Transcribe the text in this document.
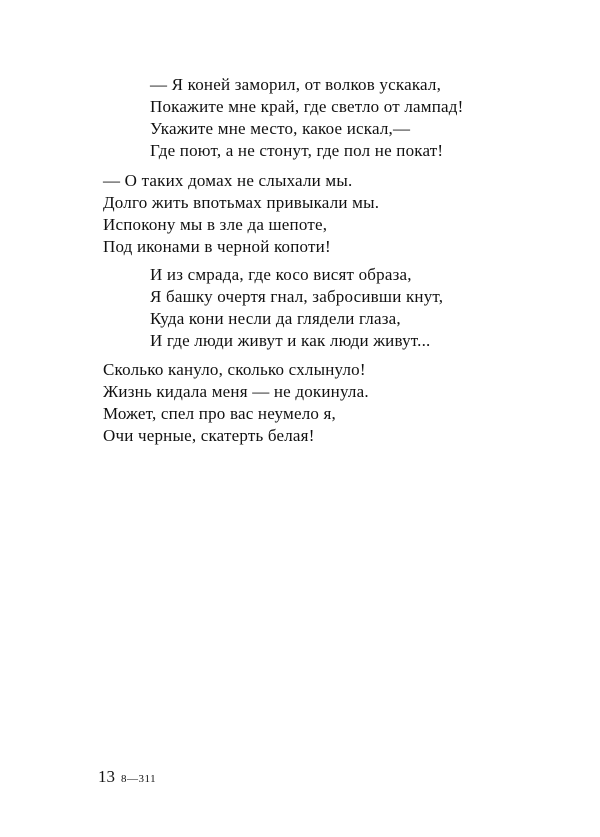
— Я коней заморил, от волков ускакал,
Покажите мне край, где светло от лампад!
Укажите мне место, какое искал,—
Где поют, а не стонут, где пол не покат!
— О таких домах не слыхали мы.
Долго жить впотьмах привыкали мы.
Испокону мы в зле да шепоте,
Под иконами в черной копоти!
И из смрада, где косо висят образа,
Я башку очертя гнал, забросивши кнут,
Куда кони несли да глядели глаза,
И где люди живут и как люди живут...
Сколько кануло, сколько схлынуло!
Жизнь кидала меня — не докинула.
Может, спел про вас неумело я,
Очи черные, скатерть белая!
13 8—311
